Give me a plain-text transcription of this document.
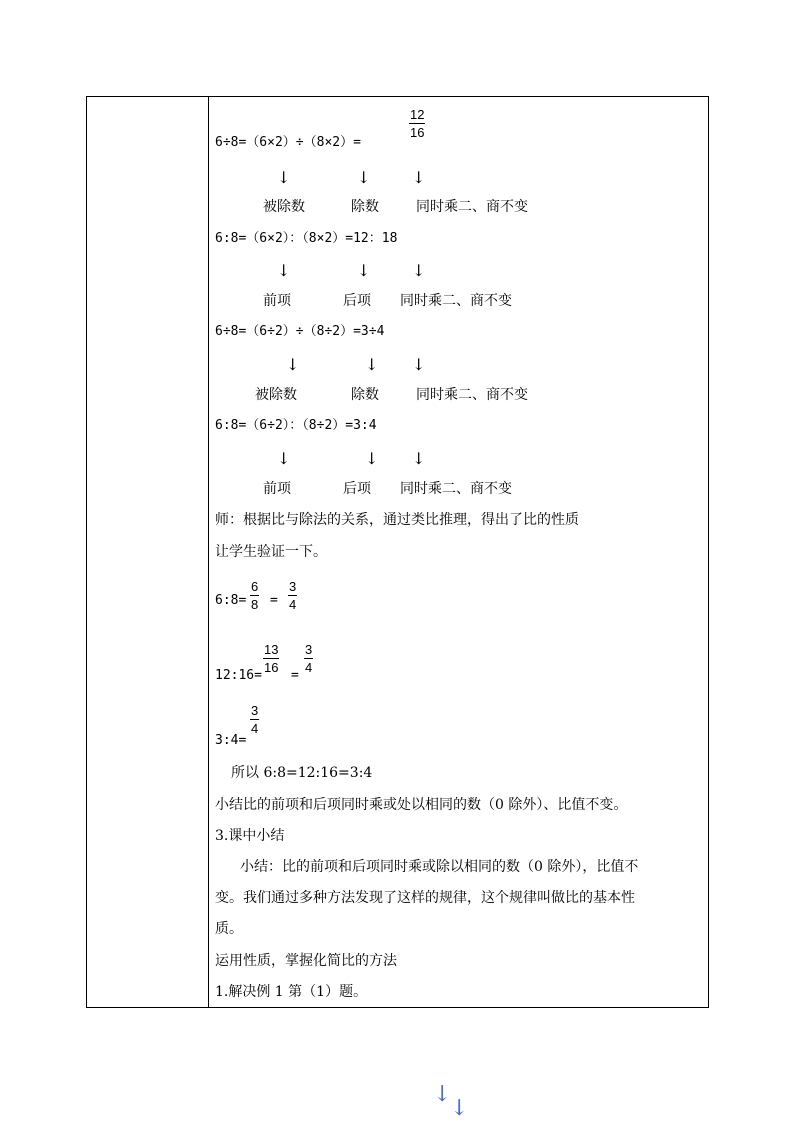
6÷8=（6×2）÷（8×2）=
$\frac{12}{16}$
↓	↓	↓
被除数	除数	同时乘二、商不变
6:8=（6×2）：（8×2）=12：18
↓	↓	↓
前项	后项 同时乘二、商不变
6÷8=（6÷2）÷（8÷2）=3÷4
↓	↓ ↓
被除数	除数	同时乘二、商不变
6:8=（6÷2）：（8÷2）=3:4
↓	↓ ↓
前项	后项 同时乘二、商不变
师：根据比与除法的关系，通过类比推理，得出了比的性质
让学生验证一下。
6:8= $\frac{6}{8} = \frac{3}{4}$
12:16=
$\frac{13}{16}$
=
$\frac{3}{4}$
3:4=
$\frac{3}{4}$
所以 6:8=12:16=3:4
小结比的前项和后项同时乘或处以相同的数（0 除外）、比值不变。
3.课中小结
小结：比的前项和后项同时乘或除以相同的数（0 除外），比值不
变。我们通过多种方法发现了这样的规律，这个规律叫做比的基本性
质。
运用性质，掌握化简比的方法
1.解决例 1 第（1）题。
↓
↓
